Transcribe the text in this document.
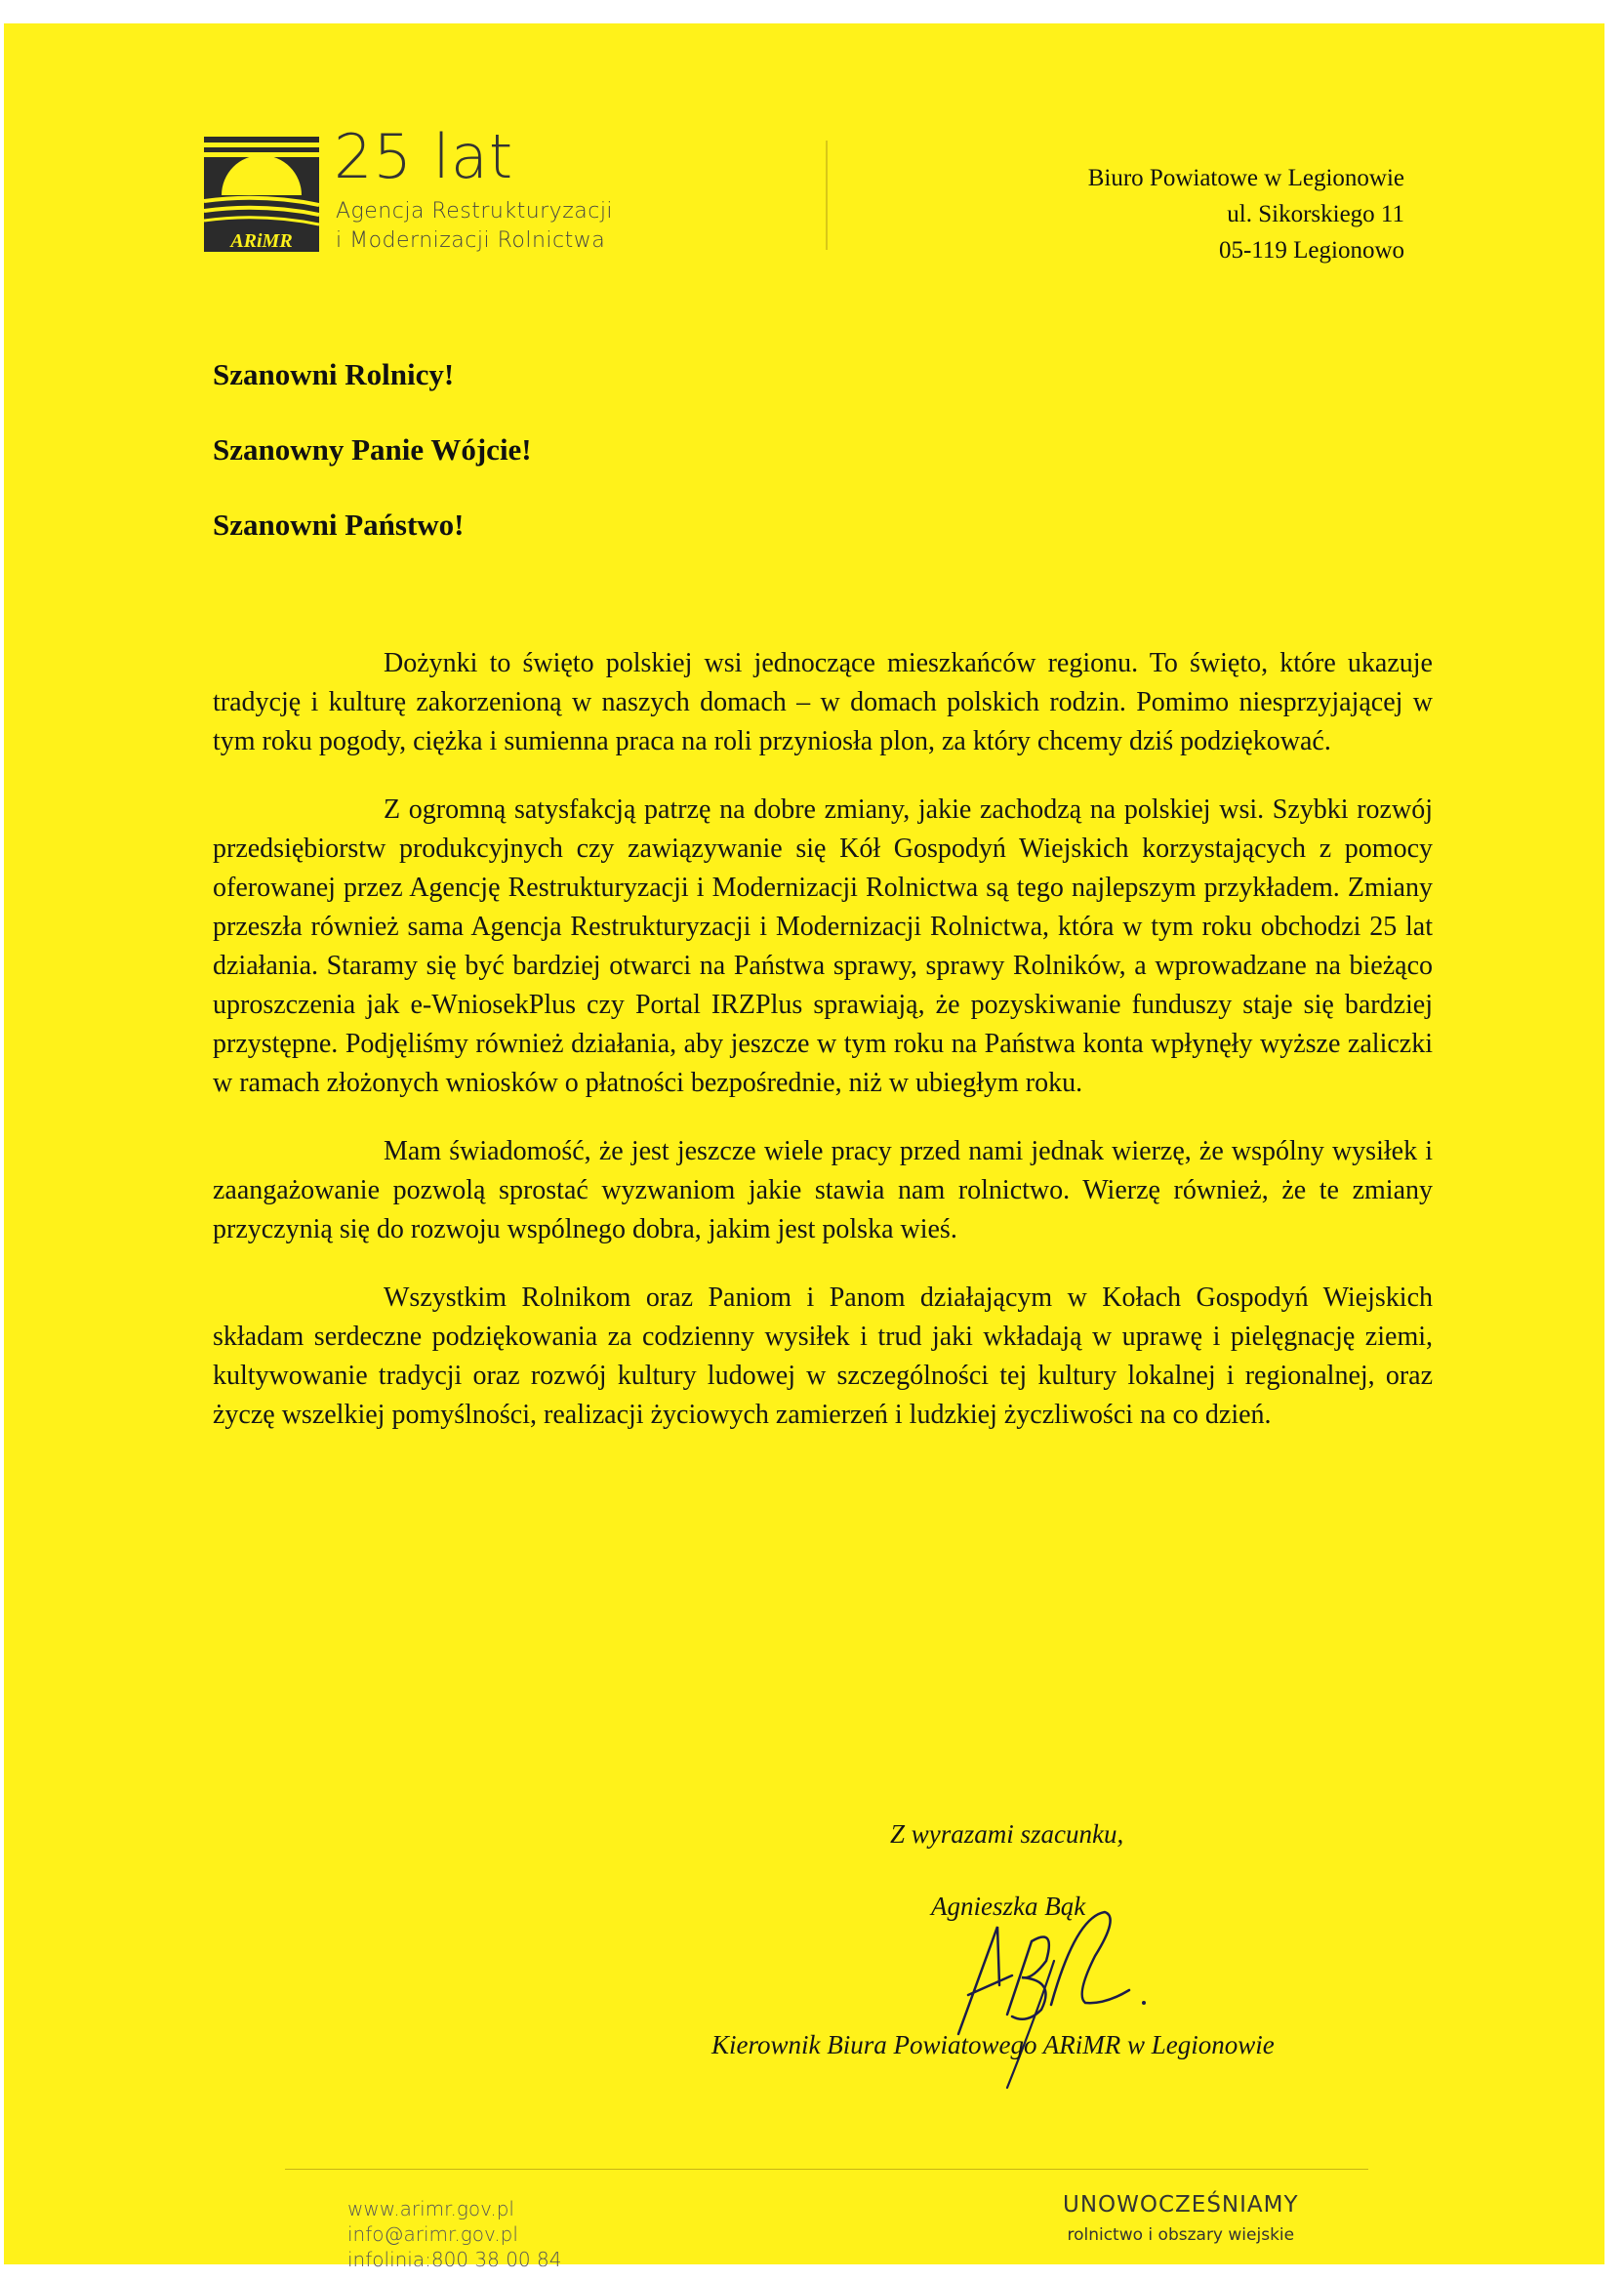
ARiMR
25 lat
Agencja Restrukturyzacji
i Modernizacji Rolnictwa
Biuro Powiatowe w Legionowie
ul. Sikorskiego 11
05-119 Legionowo
Szanowni Rolnicy!
Szanowny Panie Wójcie!
Szanowni Państwo!

Dożynki to święto polskiej wsi jednoczące mieszkańców regionu. To święto, które ukazuje tradycję i kulturę zakorzenioną w naszych domach – w domach polskich rodzin. Pomimo niesprzyjającej w tym roku pogody, ciężka i sumienna praca na roli przyniosła plon, za który chcemy dziś podziękować.

Z ogromną satysfakcją patrzę na dobre zmiany, jakie zachodzą na polskiej wsi. Szybki rozwój przedsiębiorstw produkcyjnych czy zawiązywanie się Kół Gospodyń Wiejskich korzystających z pomocy oferowanej przez Agencję Restrukturyzacji i Modernizacji Rolnictwa są tego najlepszym przykładem. Zmiany przeszła również sama Agencja Restrukturyzacji i Modernizacji Rolnictwa, która w tym roku obchodzi 25 lat działania. Staramy się być bardziej otwarci na Państwa sprawy, sprawy Rolników, a wprowadzane na bieżąco uproszczenia jak e-WniosekPlus czy Portal IRZPlus sprawiają, że pozyskiwanie funduszy staje się bardziej przystępne. Podjęliśmy również działania, aby jeszcze w tym roku na Państwa konta wpłynęły wyższe zaliczki w ramach złożonych wniosków o płatności bezpośrednie, niż w ubiegłym roku.

Mam świadomość, że jest jeszcze wiele pracy przed nami jednak wierzę, że wspólny wysiłek i zaangażowanie pozwolą sprostać wyzwaniom jakie stawia nam rolnictwo. Wierzę również, że te zmiany przyczynią się do rozwoju wspólnego dobra, jakim jest polska wieś.

Wszystkim Rolnikom oraz Paniom i Panom działającym w Kołach Gospodyń Wiejskich składam serdeczne podziękowania za codzienny wysiłek i trud jaki wkładają w uprawę i pielęgnację ziemi, kultywowanie tradycji oraz rozwój kultury ludowej w szczególności tej kultury lokalnej i regionalnej, oraz życzę wszelkiej pomyślności, realizacji życiowych zamierzeń i ludzkiej życzliwości na co dzień.

Z wyrazami szacunku,
Agnieszka Bąk
Kierownik Biura Powiatowego ARiMR w Legionowie
www.arimr.gov.pl
info@arimr.gov.pl
infolinia:800 38 00 84
UNOWOCZEŚNIAMY
rolnictwo i obszary wiejskie
